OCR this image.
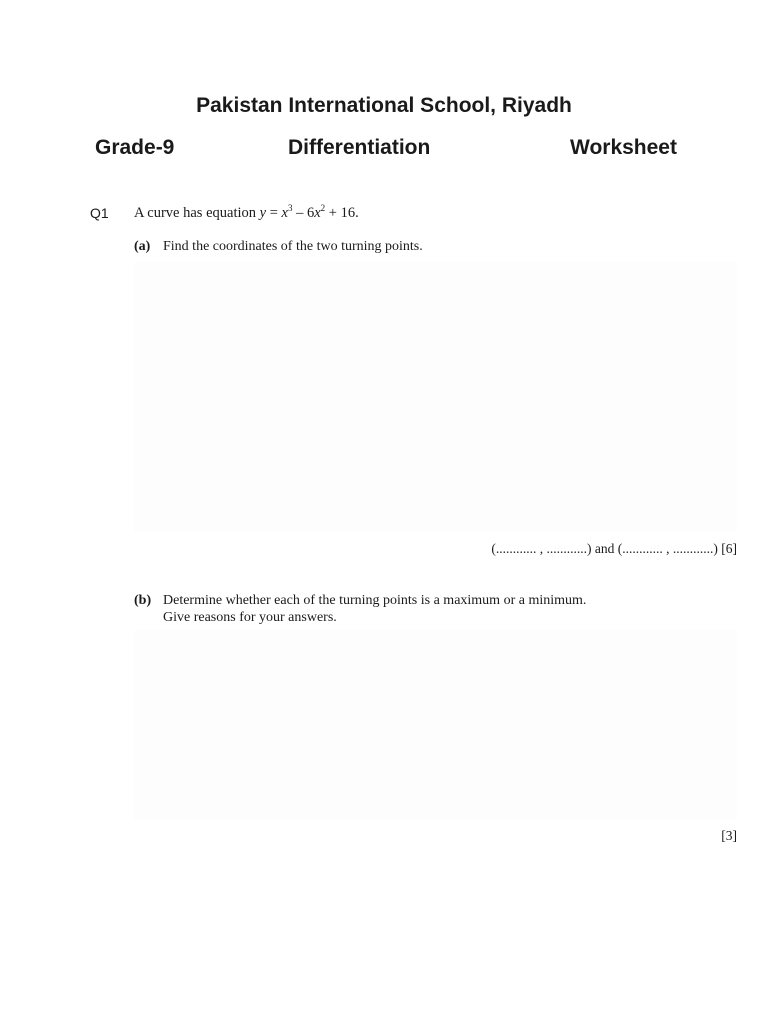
Pakistan International School, Riyadh
Grade-9	Differentiation	Worksheet
Q1 A curve has equation $y = x^3 - 6x^2 + 16$.
(a) Find the coordinates of the two turning points.
(............ , ............) and (............ , ............) [6]
(b) Determine whether each of the turning points is a maximum or a minimum.
Give reasons for your answers.
[3]
